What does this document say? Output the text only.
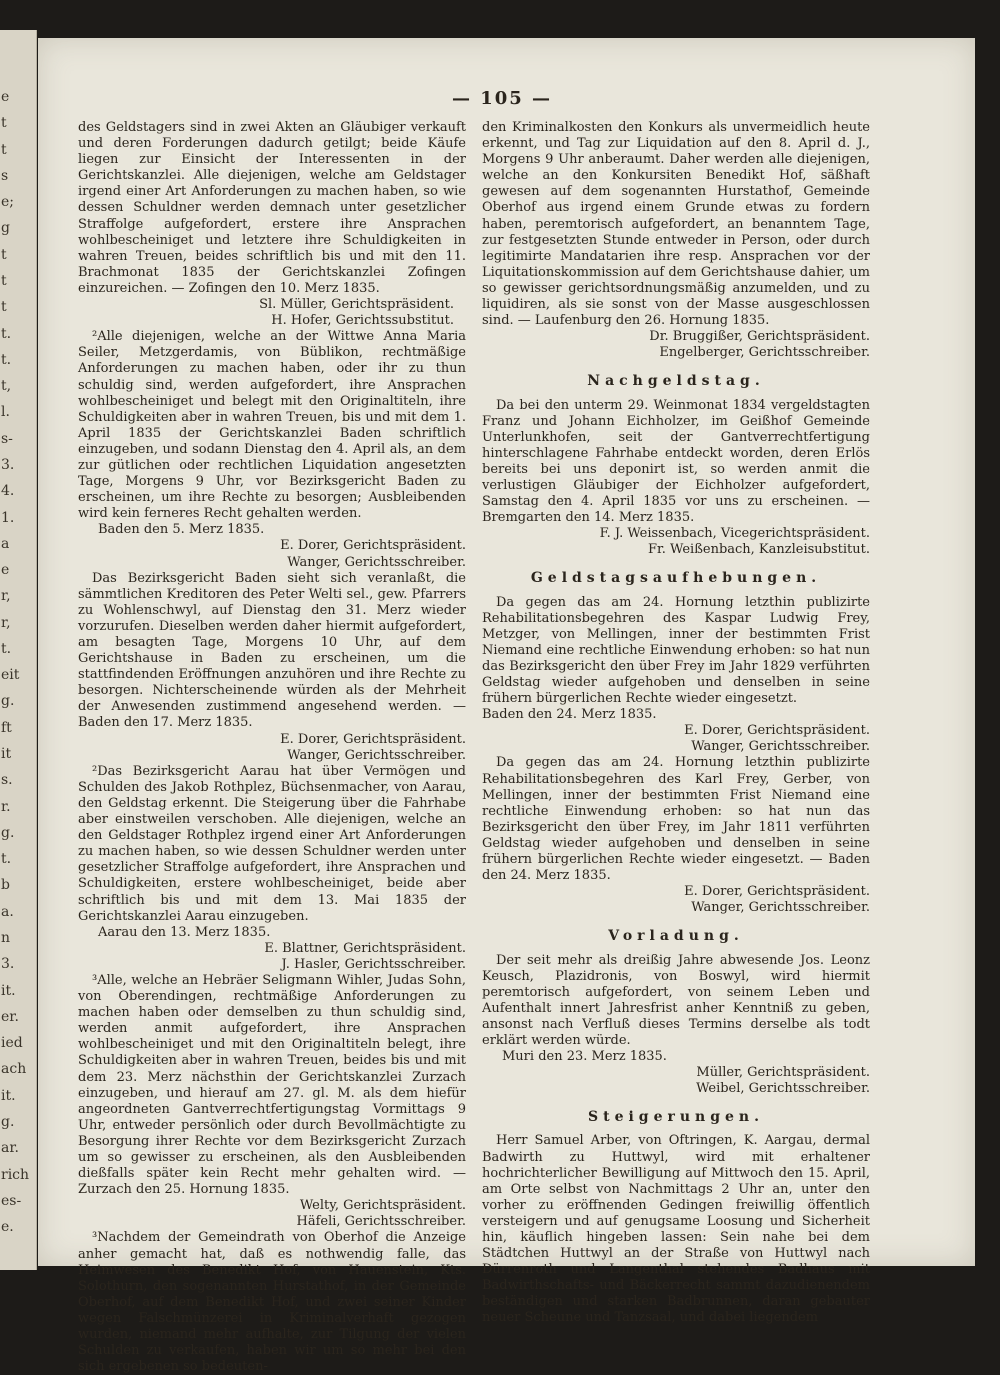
e
t
t
s
e;
g
t
t
t
t.
t.
t,
l.
s-
3.
4.
1.
a
e
r,
r,
t.
eit
g.
ft
it
s.
r.
g.
t.
b
a.
n
3.
it.
er.
ied
ach
it.
g.
ar.
rich
es-
e.
— 105 —

des Geldstagers sind in zwei Akten an Gläubiger verkauft und deren Forderungen dadurch getilgt; beide Käufe liegen zur Einsicht der Interessenten in der Gerichtskanzlei. Alle diejenigen, welche am Geldstager irgend einer Art Anforderungen zu machen haben, so wie dessen Schuldner werden demnach unter gesetzlicher Straffolge aufgefordert, erstere ihre Ansprachen wohlbescheiniget und letztere ihre Schuldigkeiten in wahren Treuen, beides schriftlich bis und mit den 11. Brachmonat 1835 der Gerichtskanzlei Zofingen einzureichen. — Zofingen den 10. Merz 1835.

Sl. Müller, Gerichtspräsident.

H. Hofer, Gerichtssubstitut.

²Alle diejenigen, welche an der Wittwe Anna Maria Seiler, Metzgerdamis, von Büblikon, rechtmäßige Anforderungen zu machen haben, oder ihr zu thun schuldig sind, werden aufgefordert, ihre Ansprachen wohlbescheiniget und belegt mit den Originaltiteln, ihre Schuldigkeiten aber in wahren Treuen, bis und mit dem 1. April 1835 der Gerichtskanzlei Baden schriftlich einzugeben, und sodann Dienstag den 4. April als, an dem zur gütlichen oder rechtlichen Liquidation angesetzten Tage, Morgens 9 Uhr, vor Bezirksgericht Baden zu erscheinen, um ihre Rechte zu besorgen; Ausbleibenden wird kein ferneres Recht gehalten werden.

Baden den 5. Merz 1835.

E. Dorer, Gerichtspräsident.

Wanger, Gerichtsschreiber.

Das Bezirksgericht Baden sieht sich veranlaßt, die sämmtlichen Kreditoren des Peter Welti sel., gew. Pfarrers zu Wohlenschwyl, auf Dienstag den 31. Merz wieder vorzurufen. Dieselben werden daher hiermit aufgefordert, am besagten Tage, Morgens 10 Uhr, auf dem Gerichtshause in Baden zu erscheinen, um die stattfindenden Eröffnungen anzuhören und ihre Rechte zu besorgen. Nichterscheinende würden als der Mehrheit der Anwesenden zustimmend angesehend werden. — Baden den 17. Merz 1835.

E. Dorer, Gerichtspräsident.

Wanger, Gerichtsschreiber.

²Das Bezirksgericht Aarau hat über Vermögen und Schulden des Jakob Rothplez, Büchsenmacher, von Aarau, den Geldstag erkennt. Die Steigerung über die Fahrhabe aber einstweilen verschoben. Alle diejenigen, welche an den Geldstager Rothplez irgend einer Art Anforderungen zu machen haben, so wie dessen Schuldner werden unter gesetzlicher Straffolge aufgefordert, ihre Ansprachen und Schuldigkeiten, erstere wohlbescheiniget, beide aber schriftlich bis und mit dem 13. Mai 1835 der Gerichtskanzlei Aarau einzugeben.

Aarau den 13. Merz 1835.

E. Blattner, Gerichtspräsident.

J. Hasler, Gerichtsschreiber.

³Alle, welche an Hebräer Seligmann Wihler, Judas Sohn, von Oberendingen, rechtmäßige Anforderungen zu machen haben oder demselben zu thun schuldig sind, werden anmit aufgefordert, ihre Ansprachen wohlbescheiniget und mit den Originaltiteln belegt, ihre Schuldigkeiten aber in wahren Treuen, beides bis und mit dem 23. Merz nächsthin der Gerichtskanzlei Zurzach einzugeben, und hierauf am 27. gl. M. als dem hiefür angeordneten Gantverrechtfertigungstag Vormittags 9 Uhr, entweder persönlich oder durch Bevollmächtigte zu Besorgung ihrer Rechte vor dem Bezirksgericht Zurzach um so gewisser zu erscheinen, als den Ausbleibenden dießfalls später kein Recht mehr gehalten wird. — Zurzach den 25. Hornung 1835.

Welty, Gerichtspräsident.

Häfeli, Gerichtsschreiber.

³Nachdem der Gemeindrath von Oberhof die Anzeige anher gemacht hat, daß es nothwendig falle, das Heimwesen des Benedikt Hof, von Hauenstein, Kts. Solothurn, den sogenannten Hurstathof, in der Gemeinde Oberhof, auf dem Benedikt Hof, und zwei seiner Kinder wegen Falschmünzerei in Kriminalverhaft gezogen wurden, niemand mehr aufhalte, zur Tilgung der vielen Schulden zu verkaufen, haben wir um so mehr bei den sich ergebenen so bedeuten-

den Kriminalkosten den Konkurs als unvermeidlich heute erkennt, und Tag zur Liquidation auf den 8. April d. J., Morgens 9 Uhr anberaumt. Daher werden alle diejenigen, welche an den Konkursiten Benedikt Hof, säßhaft gewesen auf dem sogenannten Hurstathof, Gemeinde Oberhof aus irgend einem Grunde etwas zu fordern haben, peremtorisch aufgefordert, an benanntem Tage, zur festgesetzten Stunde entweder in Person, oder durch legitimirte Mandatarien ihre resp. Ansprachen vor der Liquitationskommission auf dem Gerichtshause dahier, um so gewisser gerichtsordnungsmäßig anzumelden, und zu liquidiren, als sie sonst von der Masse ausgeschlossen sind. — Laufenburg den 26. Hornung 1835.

Dr. Bruggißer, Gerichtspräsident.

Engelberger, Gerichtsschreiber.

Nachgeldstag.

Da bei den unterm 29. Weinmonat 1834 vergeldstagten Franz und Johann Eichholzer, im Geißhof Gemeinde Unterlunkhofen, seit der Gantverrechtfertigung hinterschlagene Fahrhabe entdeckt worden, deren Erlös bereits bei uns deponirt ist, so werden anmit die verlustigen Gläubiger der Eichholzer aufgefordert, Samstag den 4. April 1835 vor uns zu erscheinen. — Bremgarten den 14. Merz 1835.

F. J. Weissenbach, Vicegerichtspräsident.

Fr. Weißenbach, Kanzleisubstitut.

Geldstagsaufhebungen.

Da gegen das am 24. Hornung letzthin publizirte Rehabilitationsbegehren des Kaspar Ludwig Frey, Metzger, von Mellingen, inner der bestimmten Frist Niemand eine rechtliche Einwendung erhoben: so hat nun das Bezirksgericht den über Frey im Jahr 1829 verführten Geldstag wieder aufgehoben und denselben in seine frühern bürgerlichen Rechte wieder eingesetzt.

Baden den 24. Merz 1835.

E. Dorer, Gerichtspräsident.

Wanger, Gerichtsschreiber.

Da gegen das am 24. Hornung letzthin publizirte Rehabilitationsbegehren des Karl Frey, Gerber, von Mellingen, inner der bestimmten Frist Niemand eine rechtliche Einwendung erhoben: so hat nun das Bezirksgericht den über Frey, im Jahr 1811 verführten Geldstag wieder aufgehoben und denselben in seine frühern bürgerlichen Rechte wieder eingesetzt. — Baden den 24. Merz 1835.

E. Dorer, Gerichtspräsident.

Wanger, Gerichtsschreiber.

Vorladung.

Der seit mehr als dreißig Jahre abwesende Jos. Leonz Keusch, Plazidronis, von Boswyl, wird hiermit peremtorisch aufgefordert, von seinem Leben und Aufenthalt innert Jahresfrist anher Kenntniß zu geben, ansonst nach Verfluß dieses Termins derselbe als todt erklärt werden würde.

Muri den 23. Merz 1835.

Müller, Gerichtspräsident.

Weibel, Gerichtsschreiber.

Steigerungen.

Herr Samuel Arber, von Oftringen, K. Aargau, dermal Badwirth zu Huttwyl, wird mit erhaltener hochrichterlicher Bewilligung auf Mittwoch den 15. April, am Orte selbst von Nachmittags 2 Uhr an, unter den vorher zu eröffnenden Gedingen freiwillig öffentlich versteigern und auf genugsame Loosung und Sicherheit hin, käuflich hingeben lassen: Sein nahe bei dem Städtchen Huttwyl an der Straße von Huttwyl nach Dürrenroth und Langenthal stehendes Badhaus mit Badwirthschafts- und Bäckerrecht sammt dazudienendem beständigen und starken Badbrunnen, daran gebauter neuer Scheune und Tanzsaal, und dabei liegendem
